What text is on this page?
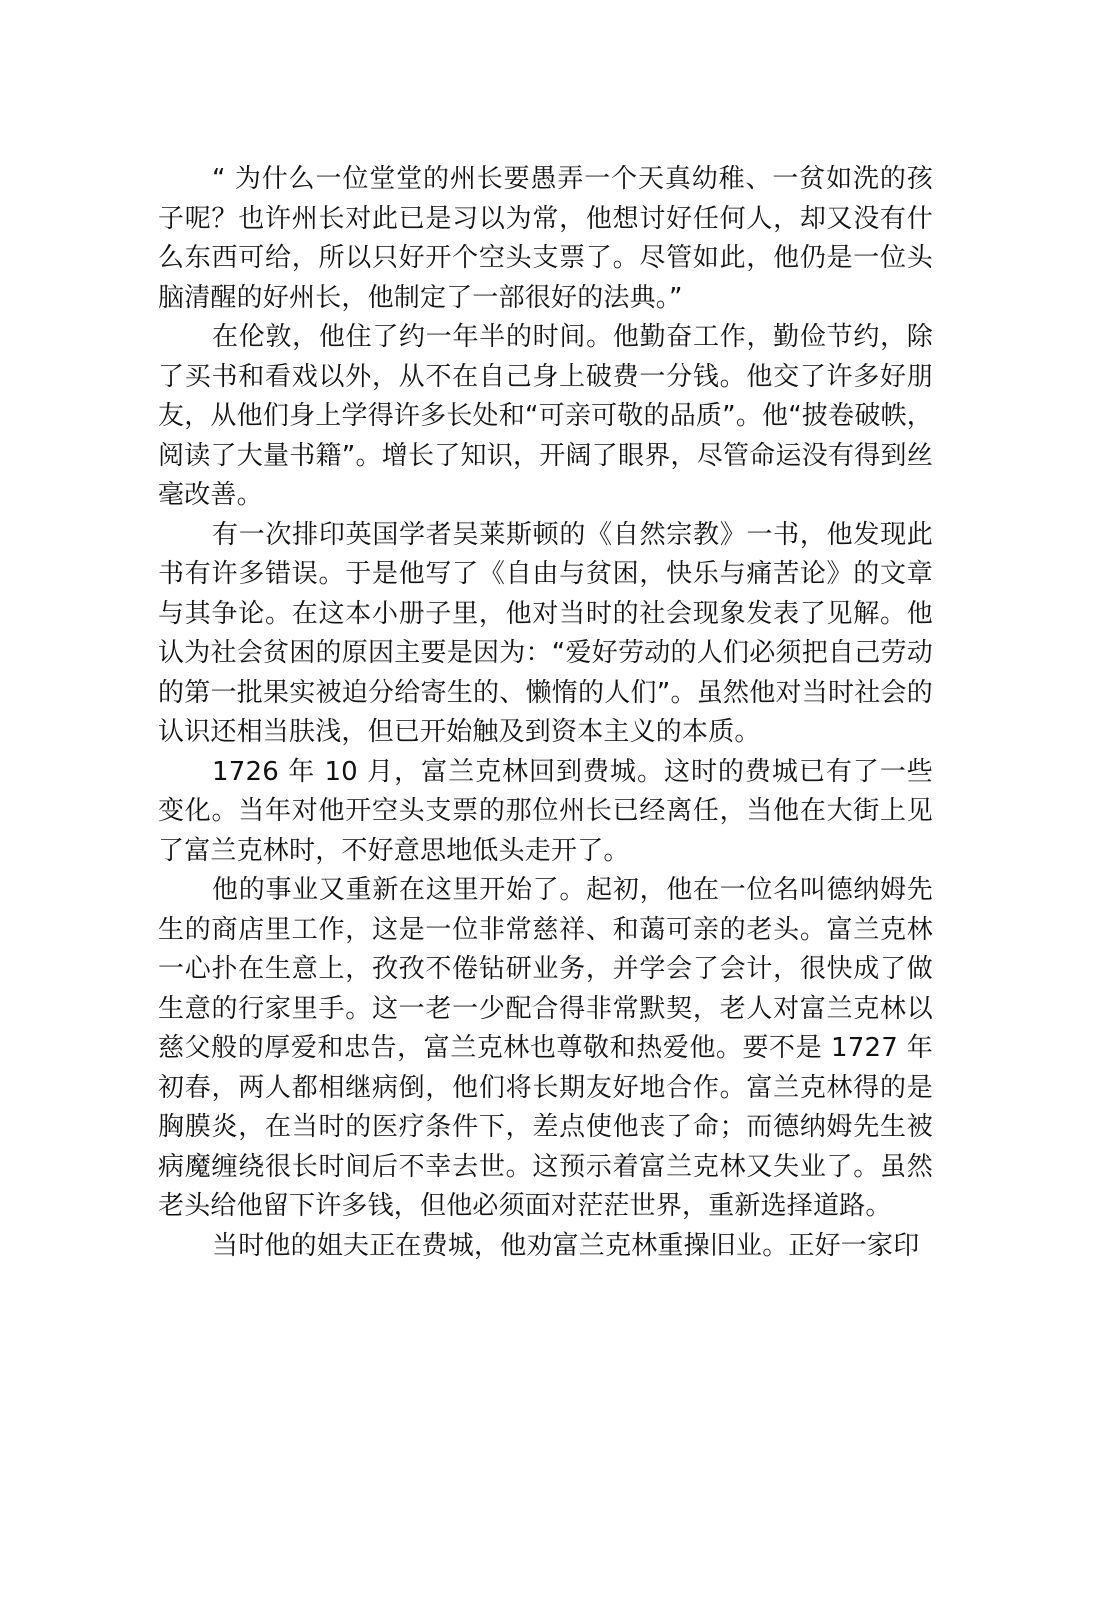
“ 为什么一位堂堂的州长要愚弄一个天真幼稚、一贫如洗的孩子呢？也许州长对此已是习以为常，他想讨好任何人，却又没有什么东西可给，所以只好开个空头支票了。尽管如此，他仍是一位头脑清醒的好州长，他制定了一部很好的法典。”

在伦敦，他住了约一年半的时间。他勤奋工作，勤俭节约，除了买书和看戏以外，从不在自己身上破费一分钱。他交了许多好朋友，从他们身上学得许多长处和“可亲可敬的品质”。他“披卷破帙，阅读了大量书籍”。增长了知识，开阔了眼界，尽管命运没有得到丝毫改善。

有一次排印英国学者吴莱斯顿的《自然宗教》一书，他发现此书有许多错误。于是他写了《自由与贫困，快乐与痛苦论》的文章与其争论。在这本小册子里，他对当时的社会现象发表了见解。他认为社会贫困的原因主要是因为：“爱好劳动的人们必须把自己劳动的第一批果实被迫分给寄生的、懒惰的人们”。虽然他对当时社会的认识还相当肤浅，但已开始触及到资本主义的本质。

1726 年 10 月，富兰克林回到费城。这时的费城已有了一些变化。当年对他开空头支票的那位州长已经离任，当他在大街上见了富兰克林时，不好意思地低头走开了。

他的事业又重新在这里开始了。起初，他在一位名叫德纳姆先生的商店里工作，这是一位非常慈祥、和蔼可亲的老头。富兰克林一心扑在生意上，孜孜不倦钻研业务，并学会了会计，很快成了做生意的行家里手。这一老一少配合得非常默契，老人对富兰克林以慈父般的厚爱和忠告，富兰克林也尊敬和热爱他。要不是 1727 年初春，两人都相继病倒，他们将长期友好地合作。富兰克林得的是胸膜炎，在当时的医疗条件下，差点使他丧了命；而德纳姆先生被病魔缠绕很长时间后不幸去世。这预示着富兰克林又失业了。虽然老头给他留下许多钱，但他必须面对茫茫世界，重新选择道路。

当时他的姐夫正在费城，他劝富兰克林重操旧业。正好一家印
